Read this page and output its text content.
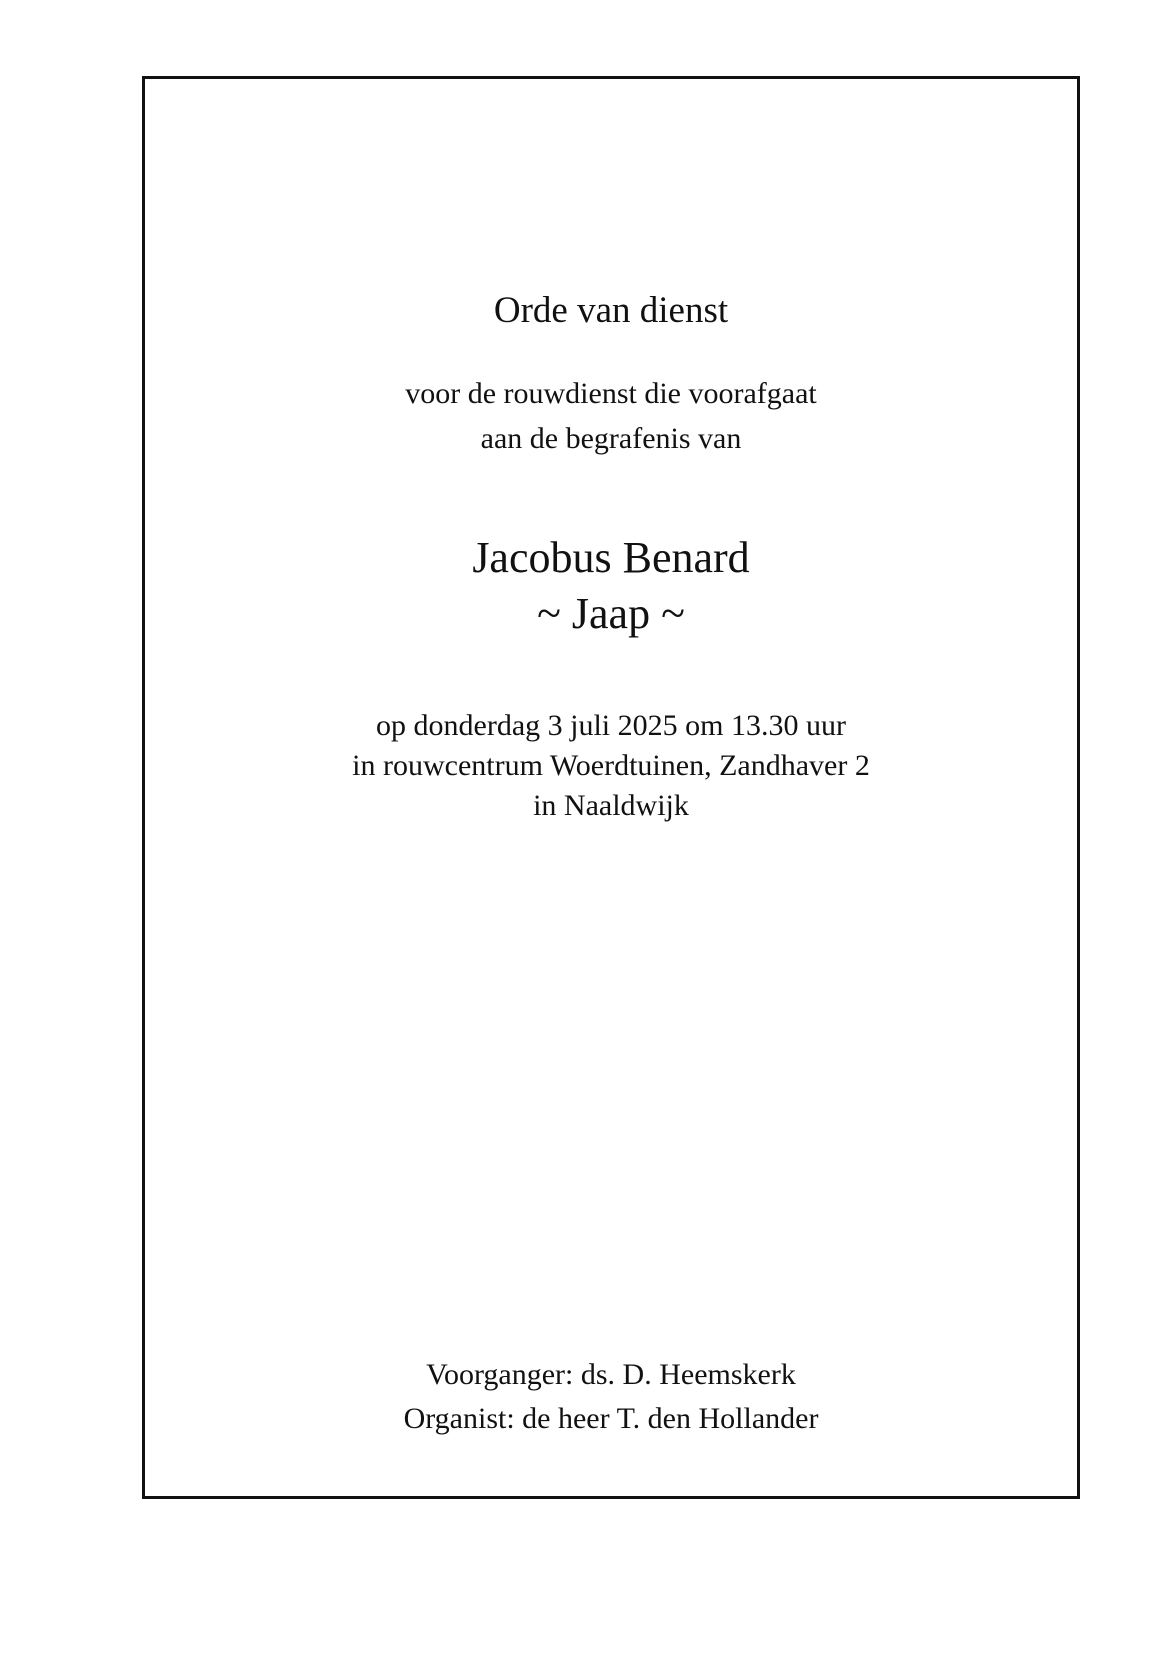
Orde van dienst
voor de rouwdienst die voorafgaat
aan de begrafenis van
Jacobus Benard
~ Jaap ~
op donderdag 3 juli 2025 om 13.30 uur
in rouwcentrum Woerdtuinen, Zandhaver 2
in Naaldwijk
Voorganger: ds. D. Heemskerk
Organist: de heer T. den Hollander
